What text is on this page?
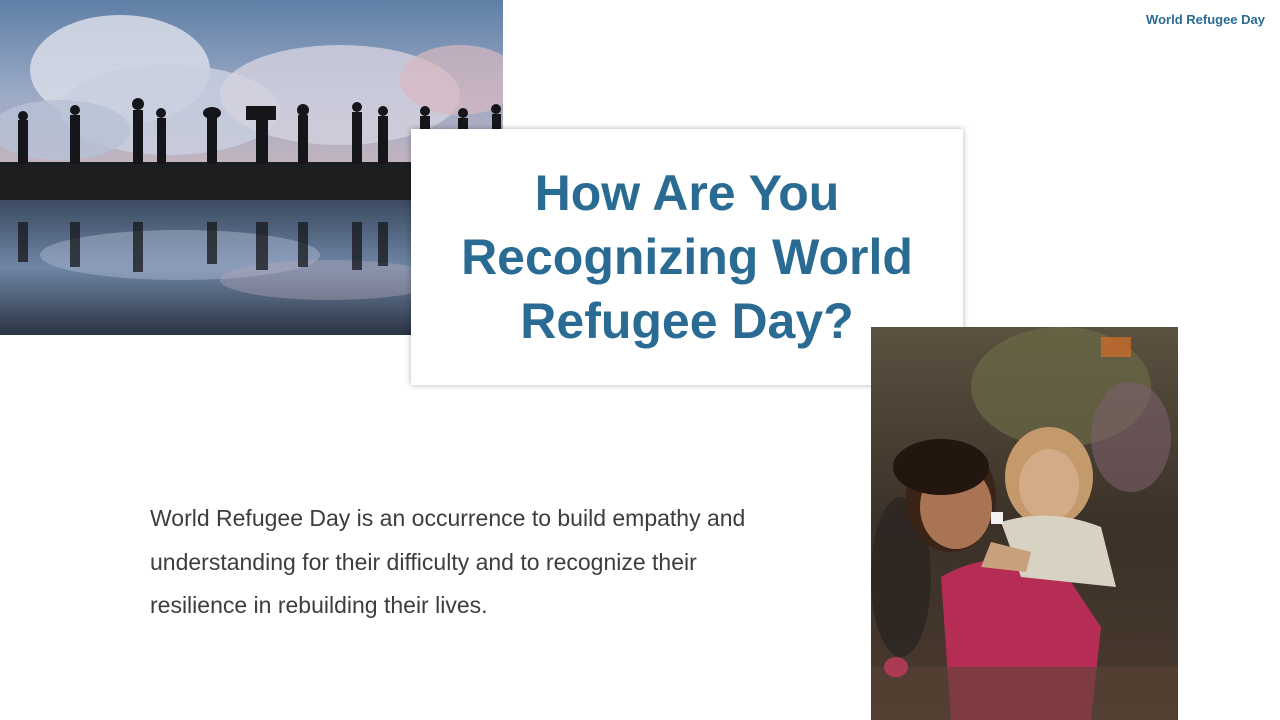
World Refugee Day
How Are You Recognizing World Refugee Day?

World Refugee Day is an occurrence to build empathy and understanding for their difficulty and to recognize their resilience in rebuilding their lives.
